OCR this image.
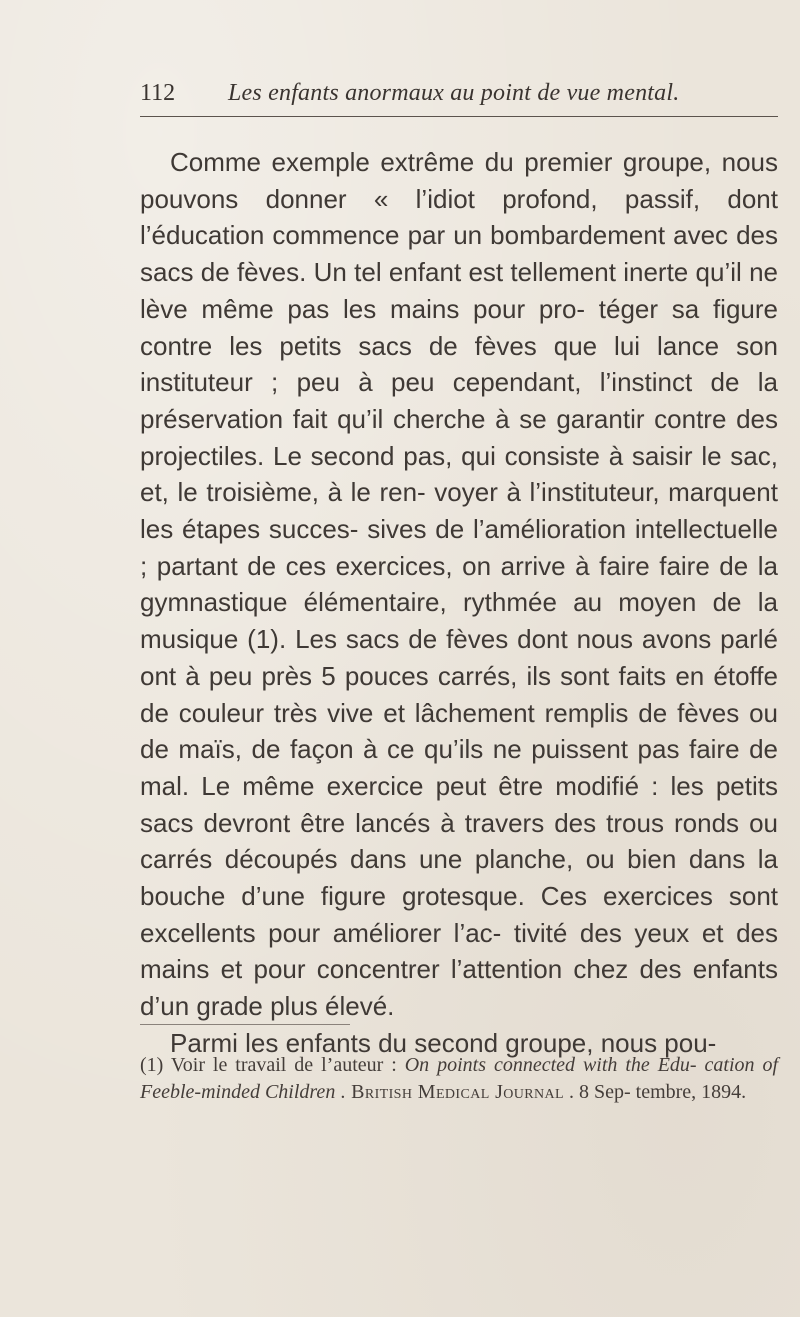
112 Les enfants anormaux au point de vue mental.

Comme exemple extrême du premier groupe, nous pouvons donner « l’idiot profond, passif, dont l’éducation commence par un bombardement avec des sacs de fèves. Un tel enfant est tellement inerte qu’il ne lève même pas les mains pour pro- téger sa figure contre les petits sacs de fèves que lui lance son instituteur ; peu à peu cependant, l’instinct de la préservation fait qu’il cherche à se garantir contre des projectiles. Le second pas, qui consiste à saisir le sac, et, le troisième, à le ren- voyer à l’instituteur, marquent les étapes succes- sives de l’amélioration intellectuelle ; partant de ces exercices, on arrive à faire faire de la gymnastique élémentaire, rythmée au moyen de la musique (1). Les sacs de fèves dont nous avons parlé ont à peu près 5 pouces carrés, ils sont faits en étoffe de couleur très vive et lâchement remplis de fèves ou de maïs, de façon à ce qu’ils ne puissent pas faire de mal. Le même exercice peut être modifié : les petits sacs devront être lancés à travers des trous ronds ou carrés découpés dans une planche, ou bien dans la bouche d’une figure grotesque. Ces exercices sont excellents pour améliorer l’ac- tivité des yeux et des mains et pour concentrer l’attention chez des enfants d’un grade plus élevé.

Parmi les enfants du second groupe, nous pou-

(1) Voir le travail de l’auteur : On points connected with the Edu- cation of Feeble-minded Children . British Medical Journal . 8 Sep- tembre, 1894.
